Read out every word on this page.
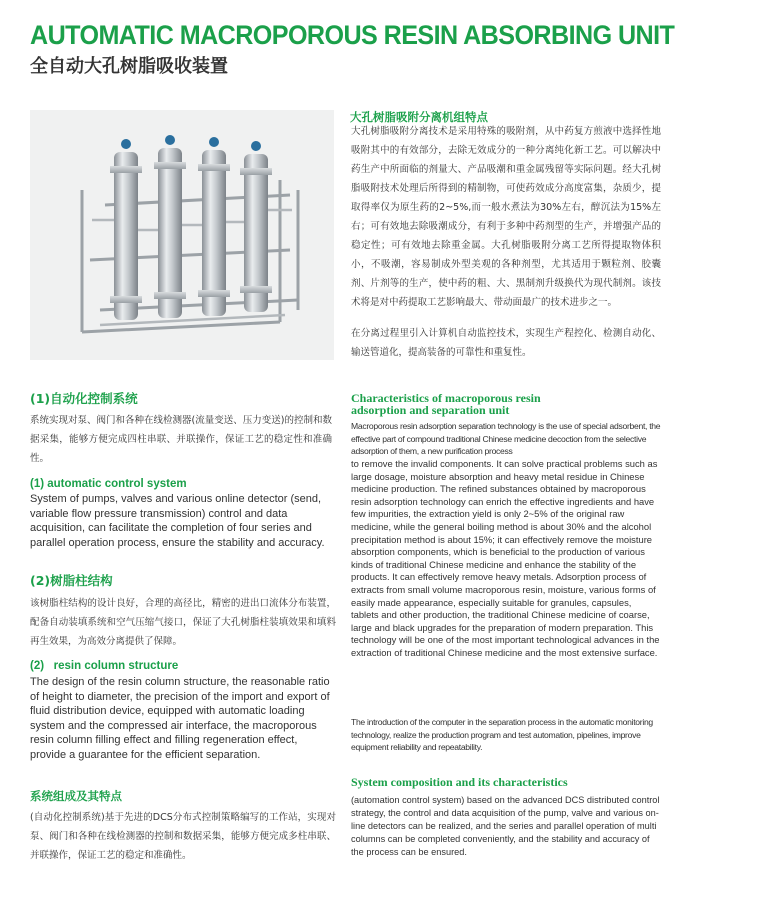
AUTOMATIC MACROPOROUS RESIN ABSORBING UNIT
全自动大孔树脂吸收装置
大孔树脂吸附分离机组特点
大孔树脂吸附分离技术是采用特殊的吸附剂，从中药复方煎液中选择性地吸附其中的有效部分，去除无效成分的一种分离纯化新工艺。可以解决中药生产中所面临的剂量大、产品吸潮和重金属残留等实际问题。经大孔树脂吸附技术处理后所得到的精制物，可使药效成分高度富集，杂质少，提取得率仅为原生药的2~5%,而一般水煮法为30%左右，醇沉法为15%左右；可有效地去除吸潮成分，有利于多种中药剂型的生产，并增强产品的稳定性；可有效地去除重金属。大孔树脂吸附分离工艺所得提取物体积小，不吸潮，容易制成外型美观的各种剂型，尤其适用于颗粒剂、胶囊剂、片剂等的生产，使中药的粗、大、黑制剂升级换代为现代制剂。该技术将是对中药提取工艺影响最大、带动面最广的技术进步之一。
在分离过程里引入计算机自动监控技术，实现生产程控化、检测自动化、输送管道化，提高装备的可靠性和重复性。
(1)自动化控制系统
系统实现对泵、阀门和各种在线检测器(流量变送、压力变送)的控制和数据采集，能够方便完成四柱串联、并联操作，保证工艺的稳定性和准确性。
(1) automatic control system
System of pumps, valves and various online detector (send, variable flow pressure transmission) control and data acquisition, can facilitate the completion of four series and parallel operation process, ensure the stability and accuracy.
(2)树脂柱结构
该树脂柱结构的设计良好，合理的高径比，精密的进出口流体分布装置，配备自动装填系统和空气压缩气接口，保证了大孔树脂柱装填效果和填料再生效果，为高效分离提供了保障。
(2)   resin column structure
The design of the resin column structure, the reasonable ratio of height to diameter, the precision of the import and export of fluid distribution device, equipped with automatic loading system and the compressed air interface, the macroporous resin column filling effect and filling regeneration effect, provide a guarantee for the efficient separation.
系统组成及其特点
(自动化控制系统)基于先进的DCS分布式控制策略编写的工作站，实现对泵、阀门和各种在线检测器的控制和数据采集，能够方便完成多柱串联、并联操作，保证工艺的稳定和准确性。
Characteristics of macroporous resin
adsorption and separation unit
Macroporous resin adsorption separation technology is the use of special adsorbent, the effective part of compound traditional Chinese medicine decoction from the selective adsorption of them, a new purification process
to remove the invalid components. It can solve practical problems such as large dosage, moisture absorption and heavy metal residue in Chinese medicine production. The refined substances obtained by macroporous resin adsorption technology can enrich the effective ingredients and have few impurities, the extraction yield is only 2~5% of the original raw medicine, while the general boiling method is about 30% and the alcohol precipitation method is about 15%; it can effectively remove the moisture absorption components, which is beneficial to the production of various kinds of traditional Chinese medicine and enhance the stability of the products. It can effectively remove heavy metals. Adsorption process of extracts from small volume macroporous resin, moisture, various forms of easily made appearance, especially suitable for granules, capsules, tablets and other production, the traditional Chinese medicine of coarse, large and black upgrades for the preparation of modern preparation. This technology will be one of the most important technological advances in the extraction of traditional Chinese medicine and the most extensive surface.
The introduction of the computer in the separation process in the automatic monitoring technology, realize the production program and test automation, pipelines, improve equipment reliability and repeatability.
System composition and its characteristics
(automation control system) based on the advanced DCS distributed control strategy, the control and data acquisition of the pump, valve and various on-line detectors can be realized, and the series and parallel operation of multi columns can be completed conveniently, and the stability and accuracy of the process can be ensured.
